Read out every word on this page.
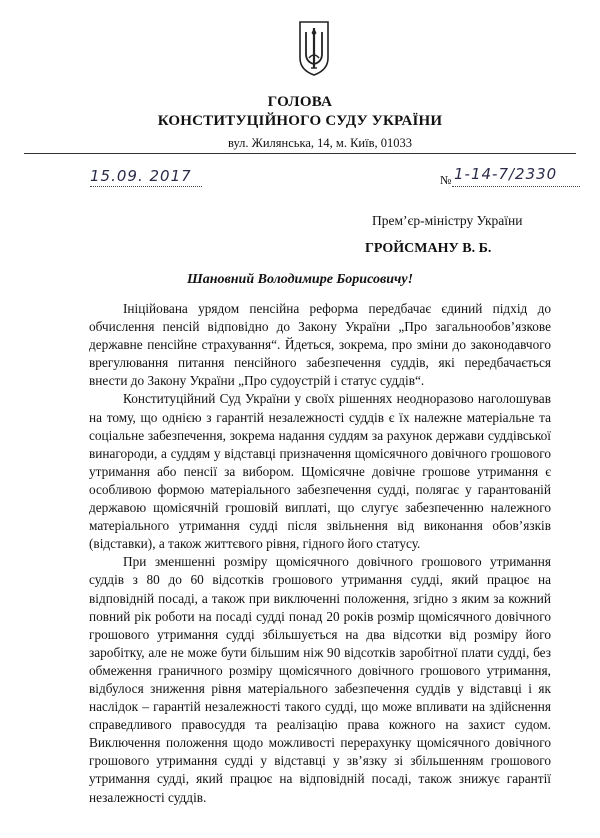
ГОЛОВА
КОНСТИТУЦІЙНОГО СУДУ УКРАЇНИ
вул. Жилянська, 14, м. Київ, 01033
15.09. 2017	№ 1-14-7/2330
Прем’єр-міністру України
ГРОЙСМАНУ В. Б.
Шановний Володимире Борисовичу!

Ініційована урядом пенсійна реформа передбачає єдиний підхід до обчислення пенсій відповідно до Закону України „Про загальнообов’язкове державне пенсійне страхування“. Йдеться, зокрема, про зміни до законодавчого врегулювання питання пенсійного забезпечення суддів, які передбачається внести до Закону України „Про судоустрій і статус суддів“.

Конституційний Суд України у своїх рішеннях неодноразово наголошував на тому, що однією з гарантій незалежності суддів є їх належне матеріальне та соціальне забезпечення, зокрема надання суддям за рахунок держави суддівської винагороди, а суддям у відставці призначення щомісячного довічного грошового утримання або пенсії за вибором. Щомісячне довічне грошове утримання є особливою формою матеріального забезпечення судді, полягає у гарантованій державою щомісячній грошовій виплаті, що слугує забезпеченню належного матеріального утримання судді після звільнення від виконання обов’язків (відставки), а також життєвого рівня, гідного його статусу.

При зменшенні розміру щомісячного довічного грошового утримання суддів з 80 до 60 відсотків грошового утримання судді, який працює на відповідній посаді, а також при виключенні положення, згідно з яким за кожний повний рік роботи на посаді судді понад 20 років розмір щомісячного довічного грошового утримання судді збільшується на два відсотки від розміру його заробітку, але не може бути більшим ніж 90 відсотків заробітної плати судді, без обмеження граничного розміру щомісячного довічного грошового утримання, відбулося зниження рівня матеріального забезпечення суддів у відставці і як наслідок – гарантій незалежності такого судді, що може впливати на здійснення справедливого правосуддя та реалізацію права кожного на захист судом. Виключення положення щодо можливості перерахунку щомісячного довічного грошового утримання судді у відставці у зв’язку зі збільшенням грошового утримання судді, який працює на відповідній посаді, також знижує гарантії незалежності суддів.
